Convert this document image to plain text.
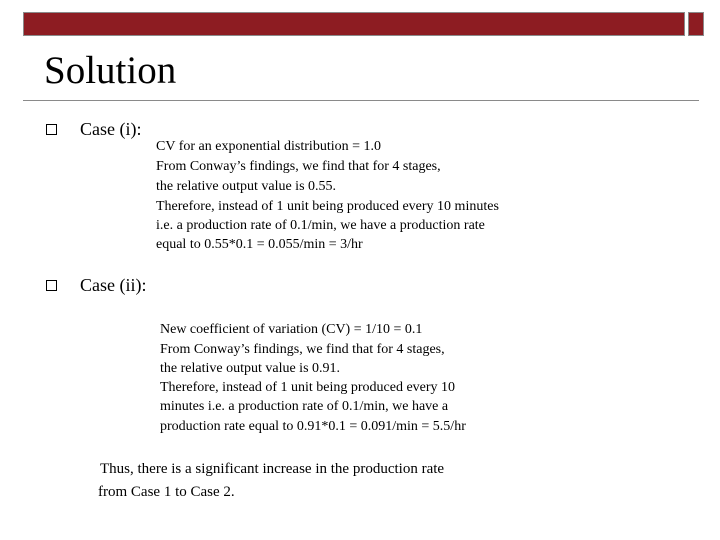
Solution
Case (i):
CV for an exponential distribution = 1.0
From Conway’s findings, we find that for 4 stages,
the relative output value is 0.55.
Therefore, instead of 1 unit being produced every 10 minutes
i.e. a production rate of 0.1/min, we have a production rate
equal to 0.55*0.1 = 0.055/min = 3/hr
Case (ii):
New coefficient of variation (CV) = 1/10 = 0.1
From Conway’s findings, we find that for 4 stages,
the relative output value is 0.91.
Therefore, instead of 1 unit being produced every 10
minutes i.e. a production rate of 0.1/min, we have a
production rate equal to 0.91*0.1 = 0.091/min = 5.5/hr
Thus, there is a significant increase in the production rate
from Case 1 to Case 2.
